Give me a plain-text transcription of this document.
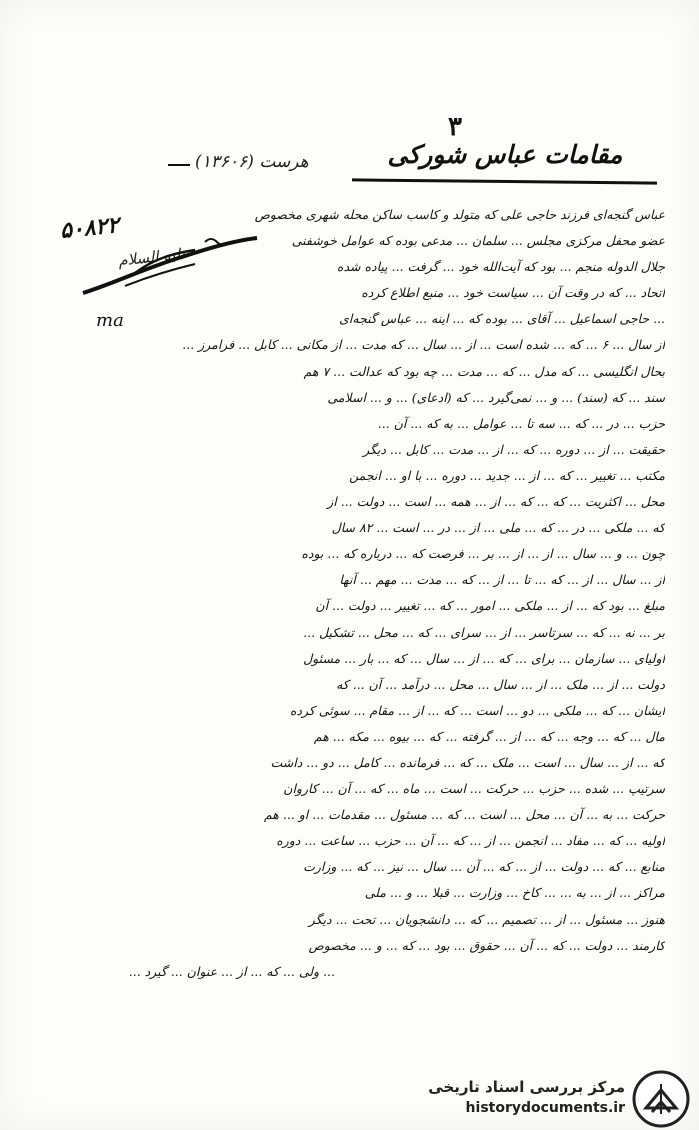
۳
مقامات عباس شورکی
هرست (۱۳۶۰۶)
۵۰۸۲۲
علیه السلام
ma
عباس گنجه‌ای فرزند حاجی علی که متولد و کاسب ساکن محله شهری مخصوص
عضو محفل مرکزی مجلس ... سلمان ... مدعی بوده که عوامل خوشفنی
جلال الدوله منجم ... بود که آیت‌الله خود ... گرفت ... پیاده شده
اتحاد ... که در وقت آن ... سیاست خود ... منبع اطلاع کرده
... حاجی اسماعیل ... آقای ... بوده که ... اینه ... عباس گنجه‌ای
از سال ... ۶ ... که ... شده است ... از ... سال ... که مدت ... از مکانی ... کابل ... فرامرز ...
بحال انگلیسی ... که مدل ... که ... مدت ... چه بود که عدالت ... ۷ هم
سند ... که (سند) ... و ... نمی‌گیرد ... که (ادعای) ... و ... اسلامی
حزب ... در ... که ... سه تا ... عوامل ... به که ... آن ...
حقیقت ... از ... دوره ... که ... از ... مدت ... کابل ... دیگر
مکتب ... تغییر ... که ... از ... جدید ... دوره ... با او ... انجمن
محل ... اکثریت ... که ... که ... از ... همه ... است ... دولت ... از
که ... ملکی ... در ... که ... ملی ... از ... در ... است ... ۸۲ سال
چون ... و ... سال ... از ... از ... بر ... فرصت که ... درباره که ... بوده
از ... سال ... از ... که ... تا ... از ... که ... مدت ... مهم ... آنها
مبلغ ... بود که ... از ... ملکی ... امور ... که ... تغییر ... دولت ... آن
بر ... نه ... که ... سرتاسر ... از ... سرای ... که ... محل ... تشکیل ...
اولیای ... سازمان ... برای ... که ... از ... سال ... که ... بار ... مسئول
دولت ... از ... ملک ... از ... سال ... محل ... درآمد ... آن ... که
ایشان ... که ... ملکی ... دو ... است ... که ... از ... مقام ... سوئی کرده
مال ... که ... وجه ... که ... از ... گرفته ... که ... بیوه ... مکه ... هم
که ... از ... سال ... است ... ملک ... که ... فرمانده ... کامل ... دو ... داشت
سرتیپ ... شده ... حزب ... حرکت ... است ... ماه ... که ... آن ... کاروان
حرکت ... به ... آن ... محل ... است ... که ... مسئول ... مقدمات ... او ... هم
اولیه ... که ... مفاد ... انجمن ... از ... که ... آن ... حزب ... ساعت ... دوره
منابع ... که ... دولت ... از ... که ... آن ... سال ... نیز ... که ... وزارت
مراکز ... از ... به ... ... کاخ ... وزارت ... قبلا ... و ... ملی
هنوز ... مسئول ... از ... تصمیم ... که ... دانشجویان ... تحت ... دیگر
کارمند ... دولت ... که ... آن ... حقوق ... بود ... که ... و ... مخصوص
... ولی ... که ... از ... عنوان ... گیرد ...
مرکز بررسی اسناد تاریخی
historydocuments.ir
